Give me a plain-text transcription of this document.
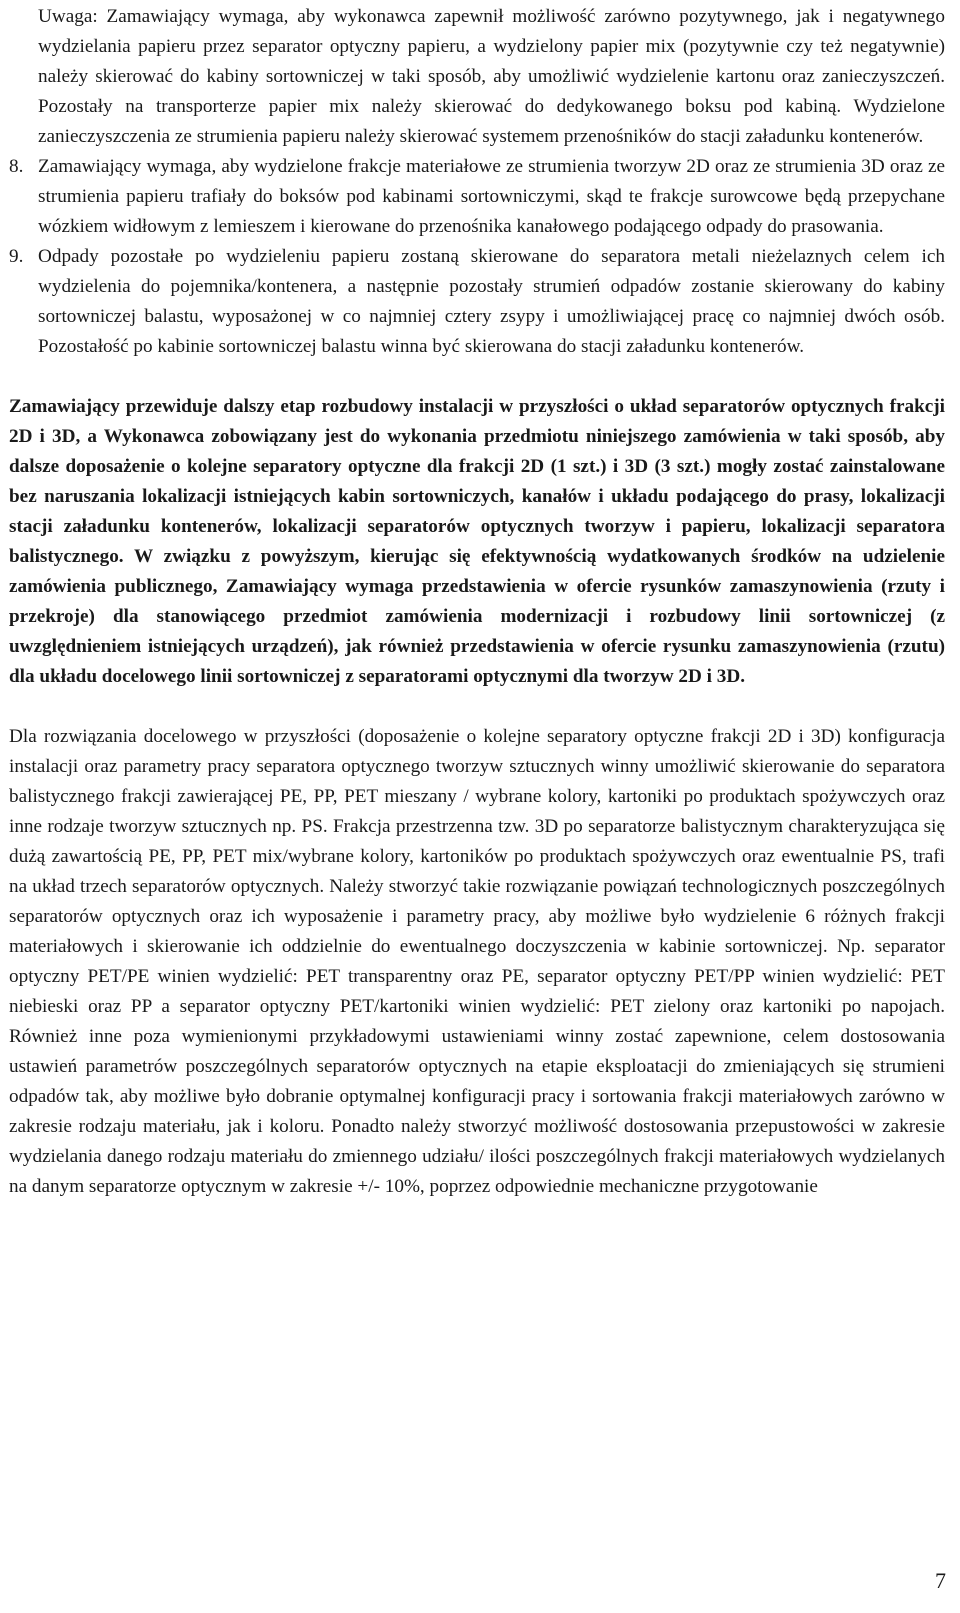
Uwaga: Zamawiający wymaga, aby wykonawca zapewnił możliwość zarówno pozytywnego, jak i negatywnego wydzielania papieru przez separator optyczny papieru, a wydzielony papier mix (pozytywnie czy też negatywnie) należy skierować do kabiny sortowniczej w taki sposób, aby umożliwić wydzielenie kartonu oraz zanieczyszczeń. Pozostały na transporterze papier mix należy skierować do dedykowanego boksu pod kabiną. Wydzielone zanieczyszczenia ze strumienia papieru należy skierować systemem przenośników do stacji załadunku kontenerów.

8. Zamawiający wymaga, aby wydzielone frakcje materiałowe ze strumienia tworzyw 2D oraz ze strumienia 3D oraz ze strumienia papieru trafiały do boksów pod kabinami sortowniczymi, skąd te frakcje surowcowe będą przepychane wózkiem widłowym z lemieszem i kierowane do przenośnika kanałowego podającego odpady do prasowania.

9. Odpady pozostałe po wydzieleniu papieru zostaną skierowane do separatora metali nieżelaznych celem ich wydzielenia do pojemnika/kontenera, a następnie pozostały strumień odpadów zostanie skierowany do kabiny sortowniczej balastu, wyposażonej w co najmniej cztery zsypy i umożliwiającej pracę co najmniej dwóch osób. Pozostałość po kabinie sortowniczej balastu winna być skierowana do stacji załadunku kontenerów.

Zamawiający przewiduje dalszy etap rozbudowy instalacji w przyszłości o układ separatorów optycznych frakcji 2D i 3D, a Wykonawca zobowiązany jest do wykonania przedmiotu niniejszego zamówienia w taki sposób, aby dalsze doposażenie o kolejne separatory optyczne dla frakcji 2D (1 szt.) i 3D (3 szt.) mogły zostać zainstalowane bez naruszania lokalizacji istniejących kabin sortowniczych, kanałów i układu podającego do prasy, lokalizacji stacji załadunku kontenerów, lokalizacji separatorów optycznych tworzyw i papieru, lokalizacji separatora balistycznego. W związku z powyższym, kierując się efektywnością wydatkowanych środków na udzielenie zamówienia publicznego, Zamawiający wymaga przedstawienia w ofercie rysunków zamaszynowienia (rzuty i przekroje) dla stanowiącego przedmiot zamówienia modernizacji i rozbudowy linii sortowniczej (z uwzględnieniem istniejących urządzeń), jak również przedstawienia w ofercie rysunku zamaszynowienia (rzutu) dla układu docelowego linii sortowniczej z separatorami optycznymi dla tworzyw 2D i 3D.

Dla rozwiązania docelowego w przyszłości (doposażenie o kolejne separatory optyczne frakcji 2D i 3D) konfiguracja instalacji oraz parametry pracy separatora optycznego tworzyw sztucznych winny umożliwić skierowanie do separatora balistycznego frakcji zawierającej PE, PP, PET mieszany / wybrane kolory, kartoniki po produktach spożywczych oraz inne rodzaje tworzyw sztucznych np. PS. Frakcja przestrzenna tzw. 3D po separatorze balistycznym charakteryzująca się dużą zawartością PE, PP, PET mix/wybrane kolory, kartoników po produktach spożywczych oraz ewentualnie PS, trafi na układ trzech separatorów optycznych. Należy stworzyć takie rozwiązanie powiązań technologicznych poszczególnych separatorów optycznych oraz ich wyposażenie i parametry pracy, aby możliwe było wydzielenie 6 różnych frakcji materiałowych i skierowanie ich oddzielnie do ewentualnego doczyszczenia w kabinie sortowniczej. Np. separator optyczny PET/PE winien wydzielić: PET transparentny oraz PE, separator optyczny PET/PP winien wydzielić: PET niebieski oraz PP a separator optyczny PET/kartoniki winien wydzielić: PET zielony oraz kartoniki po napojach. Również inne poza wymienionymi przykładowymi ustawieniami winny zostać zapewnione, celem dostosowania ustawień parametrów poszczególnych separatorów optycznych na etapie eksploatacji do zmieniających się strumieni odpadów tak, aby możliwe było dobranie optymalnej konfiguracji pracy i sortowania frakcji materiałowych zarówno w zakresie rodzaju materiału, jak i koloru. Ponadto należy stworzyć możliwość dostosowania przepustowości w zakresie wydzielania danego rodzaju materiału do zmiennego udziału/ ilości poszczególnych frakcji materiałowych wydzielanych na danym separatorze optycznym w zakresie +/- 10%, poprzez odpowiednie mechaniczne przygotowanie

7
